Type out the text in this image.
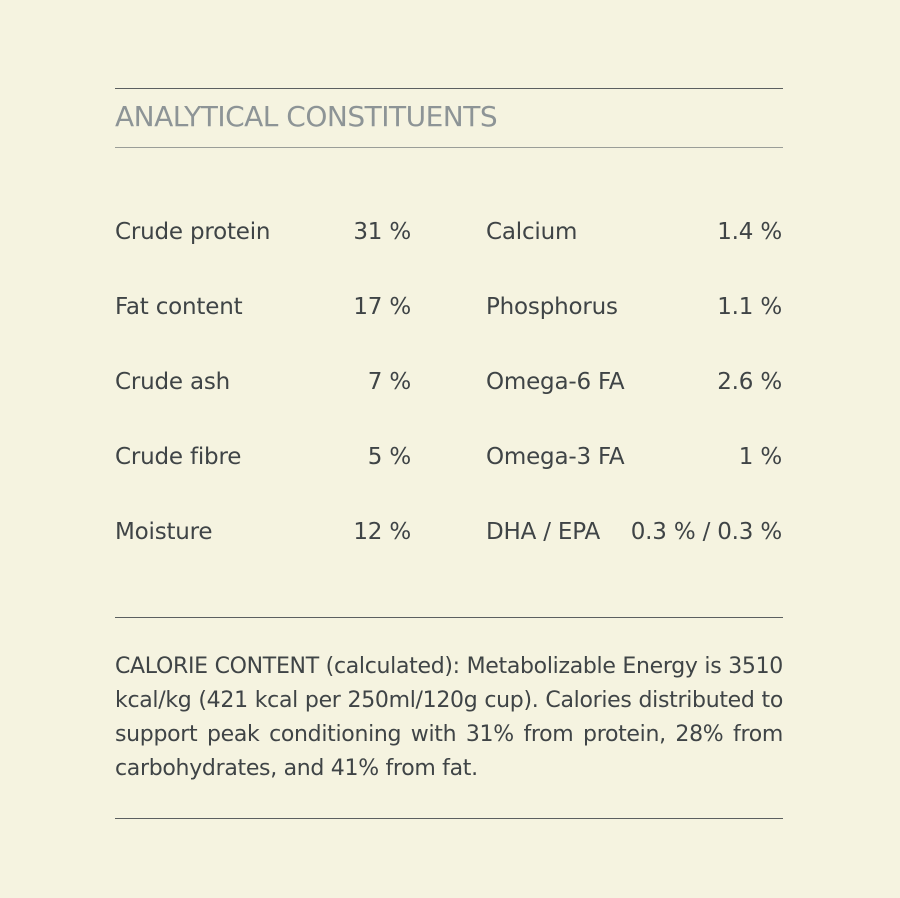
ANALYTICAL CONSTITUENTS
Crude protein	31 %
Fat content	17 %
Crude ash	7 %
Crude fibre	5 %
Moisture	12 %
Calcium	1.4 %
Phosphorus	1.1 %
Omega-6 FA	2.6 %
Omega-3 FA	1 %
DHA / EPA 0.3 % / 0.3 %
CALORIE CONTENT (calculated): Metabolizable Energy is 3510 kcal/kg (421 kcal per 250ml/120g cup). Calories distributed to support peak conditioning with 31% from protein, 28% from carbohydrates, and 41% from fat.
